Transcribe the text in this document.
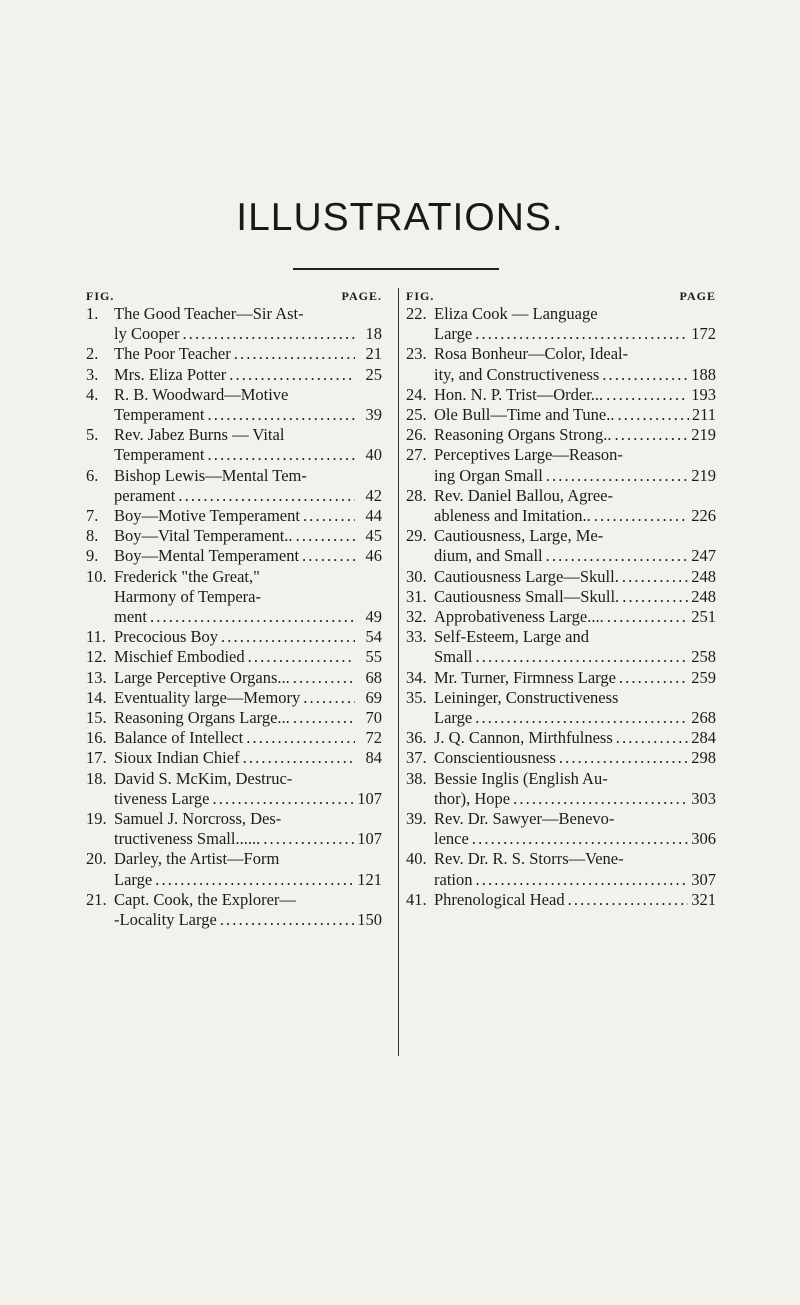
ILLUSTRATIONS.
FIG.	PAGE.
1. The Good Teacher—Sir Ast-
ly Cooper . . .	18
2. The Poor Teacher . . .	21
3. Mrs. Eliza Potter . . .	25
4. R. B. Woodward—Motive
Temperament . . .	39
5. Rev. Jabez Burns — Vital
Temperament . . .	40
6. Bishop Lewis—Mental Tem-
perament . . .	42
7. Boy—Motive Temperament . . .	44
8. Boy—Vital Temperament.. . . .	45
9. Boy—Mental Temperament . . .	46
10. Frederick "the Great,"
Harmony of Tempera-
ment . . .	49
11. Precocious Boy . . .	54
12. Mischief Embodied . . .	55
13. Large Perceptive Organs... . . .	68
14. Eventuality large—Memory . . .	69
15. Reasoning Organs Large... . . .	70
16. Balance of Intellect . . .	72
17. Sioux Indian Chief . . .	84
18. David S. McKim, Destruc-
tiveness Large . . .	107
19. Samuel J. Norcross, Des-
tructiveness Small...... . . .	107
20. Darley, the Artist—Form
Large . . .	121
21. Capt. Cook, the Explorer—
-Locality Large . . .	150
FIG.	PAGE
22. Eliza Cook — Language
Large . . .	172
23. Rosa Bonheur—Color, Ideal-
ity, and Constructiveness . . .	188
24. Hon. N. P. Trist—Order... . . .	193
25. Ole Bull—Time and Tune.. . . .	211
26. Reasoning Organs Strong.. . . .	219
27. Perceptives Large—Reason-
ing Organ Small . . .	219
28. Rev. Daniel Ballou, Agree-
ableness and Imitation.. . . .	226
29. Cautiousness, Large, Me-
dium, and Small . . .	247
30. Cautiousness Large—Skull. . . .	248
31. Cautiousness Small—Skull. . . .	248
32. Approbativeness Large.... . . .	251
33. Self-Esteem, Large and
Small . . .	258
34. Mr. Turner, Firmness Large . . .	259
35. Leininger, Constructiveness
Large . . .	268
36. J. Q. Cannon, Mirthfulness . . .	284
37. Conscientiousness . . .	298
38. Bessie Inglis (English Au-
thor), Hope . . .	303
39. Rev. Dr. Sawyer—Benevo-
lence . . .	306
40. Rev. Dr. R. S. Storrs—Vene-
ration . . .	307
41. Phrenological Head . . .	321
